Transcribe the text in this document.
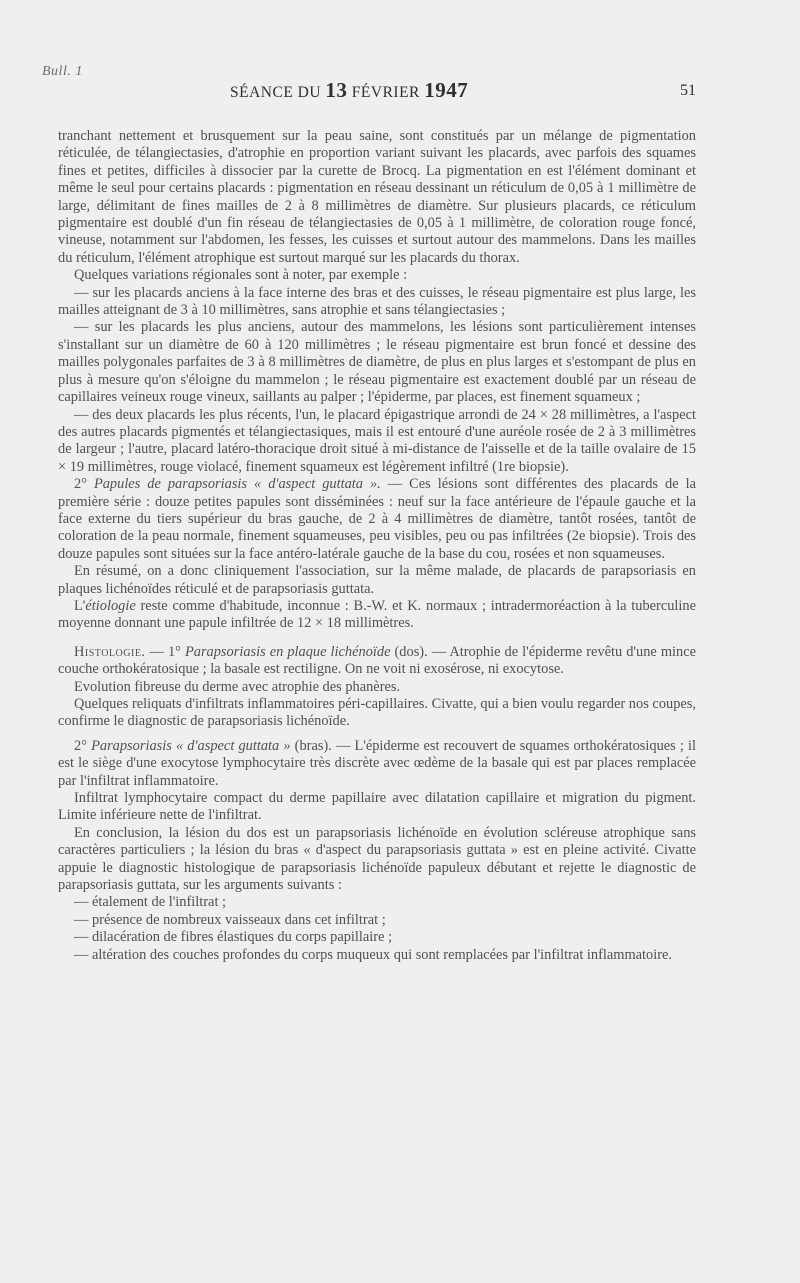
Bull. 1
SÉANCE DU 13 FÉVRIER 1947	51

tranchant nettement et brusquement sur la peau saine, sont constitués par un mélange de pigmentation réticulée, de télangiectasies, d'atrophie en proportion variant suivant les placards, avec parfois des squames fines et petites, difficiles à dissocier par la curette de Brocq. La pigmentation en est l'élément dominant et même le seul pour certains placards : pigmentation en réseau dessinant un réticulum de 0,05 à 1 millimètre de large, délimitant de fines mailles de 2 à 8 millimètres de diamètre. Sur plusieurs placards, ce réticulum pigmentaire est doublé d'un fin réseau de télangiectasies de 0,05 à 1 millimètre, de coloration rouge foncé, vineuse, notamment sur l'abdomen, les fesses, les cuisses et surtout autour des mammelons. Dans les mailles du réticulum, l'élément atrophique est surtout marqué sur les placards du thorax.

Quelques variations régionales sont à noter, par exemple :

— sur les placards anciens à la face interne des bras et des cuisses, le réseau pigmentaire est plus large, les mailles atteignant de 3 à 10 millimètres, sans atrophie et sans télangiectasies ;

— sur les placards les plus anciens, autour des mammelons, les lésions sont particulièrement intenses s'installant sur un diamètre de 60 à 120 millimètres ; le réseau pigmentaire est brun foncé et dessine des mailles polygonales parfaites de 3 à 8 millimètres de diamètre, de plus en plus larges et s'estompant de plus en plus à mesure qu'on s'éloigne du mammelon ; le réseau pigmentaire est exactement doublé par un réseau de capillaires veineux rouge vineux, saillants au palper ; l'épiderme, par places, est finement squameux ;

— des deux placards les plus récents, l'un, le placard épigastrique arrondi de 24 × 28 millimètres, a l'aspect des autres placards pigmentés et télangiectasiques, mais il est entouré d'une auréole rosée de 2 à 3 millimètres de largeur ; l'autre, placard latéro-thoracique droit situé à mi-distance de l'aisselle et de la taille ovalaire de 15 × 19 millimètres, rouge violacé, finement squameux est légèrement infiltré (1re biopsie).

2° Papules de parapsoriasis « d'aspect guttata ». — Ces lésions sont différentes des placards de la première série : douze petites papules sont disséminées : neuf sur la face antérieure de l'épaule gauche et la face externe du tiers supérieur du bras gauche, de 2 à 4 millimètres de diamètre, tantôt rosées, tantôt de coloration de la peau normale, finement squameuses, peu visibles, peu ou pas infiltrées (2e biopsie). Trois des douze papules sont situées sur la face antéro-latérale gauche de la base du cou, rosées et non squameuses.

En résumé, on a donc cliniquement l'association, sur la même malade, de placards de parapsoriasis en plaques lichénoïdes réticulé et de parapsoriasis guttata.

L'étiologie reste comme d'habitude, inconnue : B.-W. et K. normaux ; intradermoréaction à la tuberculine moyenne donnant une papule infiltrée de 12 × 18 millimètres.

Histologie. — 1° Parapsoriasis en plaque lichénoïde (dos). — Atrophie de l'épiderme revêtu d'une mince couche orthokératosique ; la basale est rectiligne. On ne voit ni exosérose, ni exocytose.

Evolution fibreuse du derme avec atrophie des phanères.

Quelques reliquats d'infiltrats inflammatoires péri-capillaires. Civatte, qui a bien voulu regarder nos coupes, confirme le diagnostic de parapsoriasis lichénoïde.

2° Parapsoriasis « d'aspect guttata » (bras). — L'épiderme est recouvert de squames orthokératosiques ; il est le siège d'une exocytose lymphocytaire très discrète avec œdème de la basale qui est par places remplacée par l'infiltrat inflammatoire.

Infiltrat lymphocytaire compact du derme papillaire avec dilatation capillaire et migration du pigment. Limite inférieure nette de l'infiltrat.

En conclusion, la lésion du dos est un parapsoriasis lichénoïde en évolution scléreuse atrophique sans caractères particuliers ; la lésion du bras « d'aspect du parapsoriasis guttata » est en pleine activité. Civatte appuie le diagnostic histologique de parapsoriasis lichénoïde papuleux débutant et rejette le diagnostic de parapsoriasis guttata, sur les arguments suivants :

— étalement de l'infiltrat ;

— présence de nombreux vaisseaux dans cet infiltrat ;

— dilacération de fibres élastiques du corps papillaire ;

— altération des couches profondes du corps muqueux qui sont remplacées par l'infiltrat inflammatoire.
